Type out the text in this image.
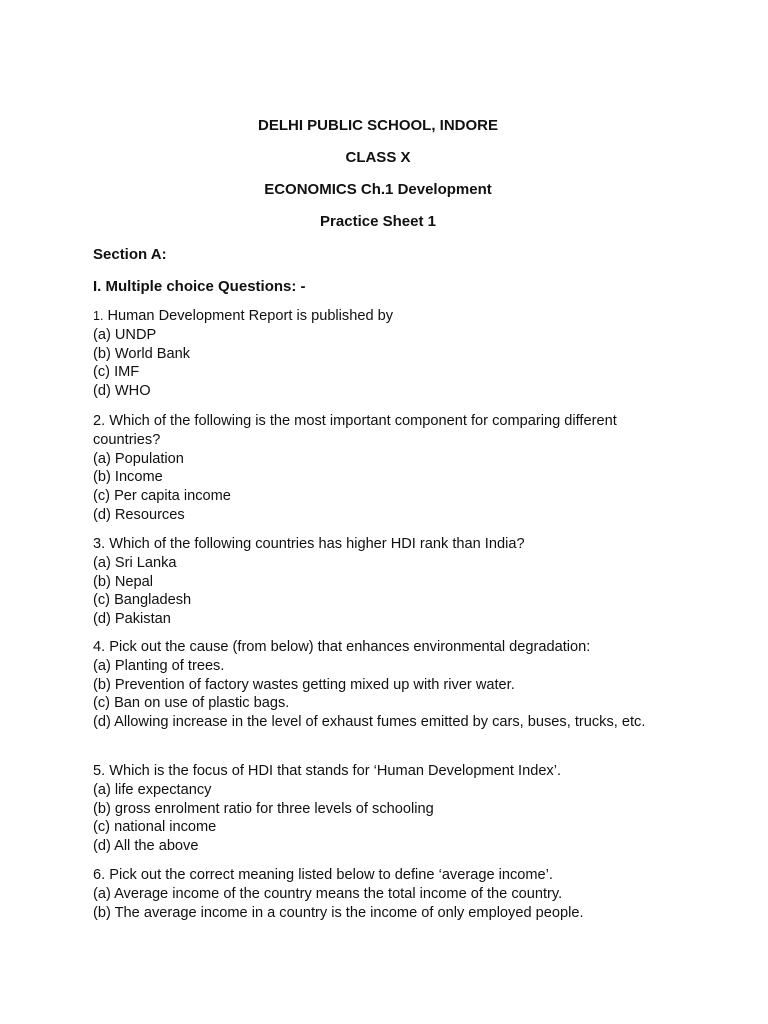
DELHI PUBLIC SCHOOL, INDORE
CLASS X
ECONOMICS Ch.1 Development
Practice Sheet 1
Section A:
I. Multiple choice Questions: -
1. Human Development Report is published by
(a) UNDP
(b) World Bank
(c) IMF
(d) WHO
2. Which of the following is the most important component for comparing different countries?
(a) Population
(b) Income
(c) Per capita income
(d) Resources
3. Which of the following countries has higher HDI rank than India?
(a) Sri Lanka
(b) Nepal
(c) Bangladesh
(d) Pakistan
4. Pick out the cause (from below) that enhances environmental degradation:
(a) Planting of trees.
(b) Prevention of factory wastes getting mixed up with river water.
(c) Ban on use of plastic bags.
(d) Allowing increase in the level of exhaust fumes emitted by cars, buses, trucks, etc.
5. Which is the focus of HDI that stands for ‘Human Development Index’.
(a) life expectancy
(b) gross enrolment ratio for three levels of schooling
(c) national income
(d) All the above
6. Pick out the correct meaning listed below to define ‘average income’.
(a) Average income of the country means the total income of the country.
(b) The average income in a country is the income of only employed people.
